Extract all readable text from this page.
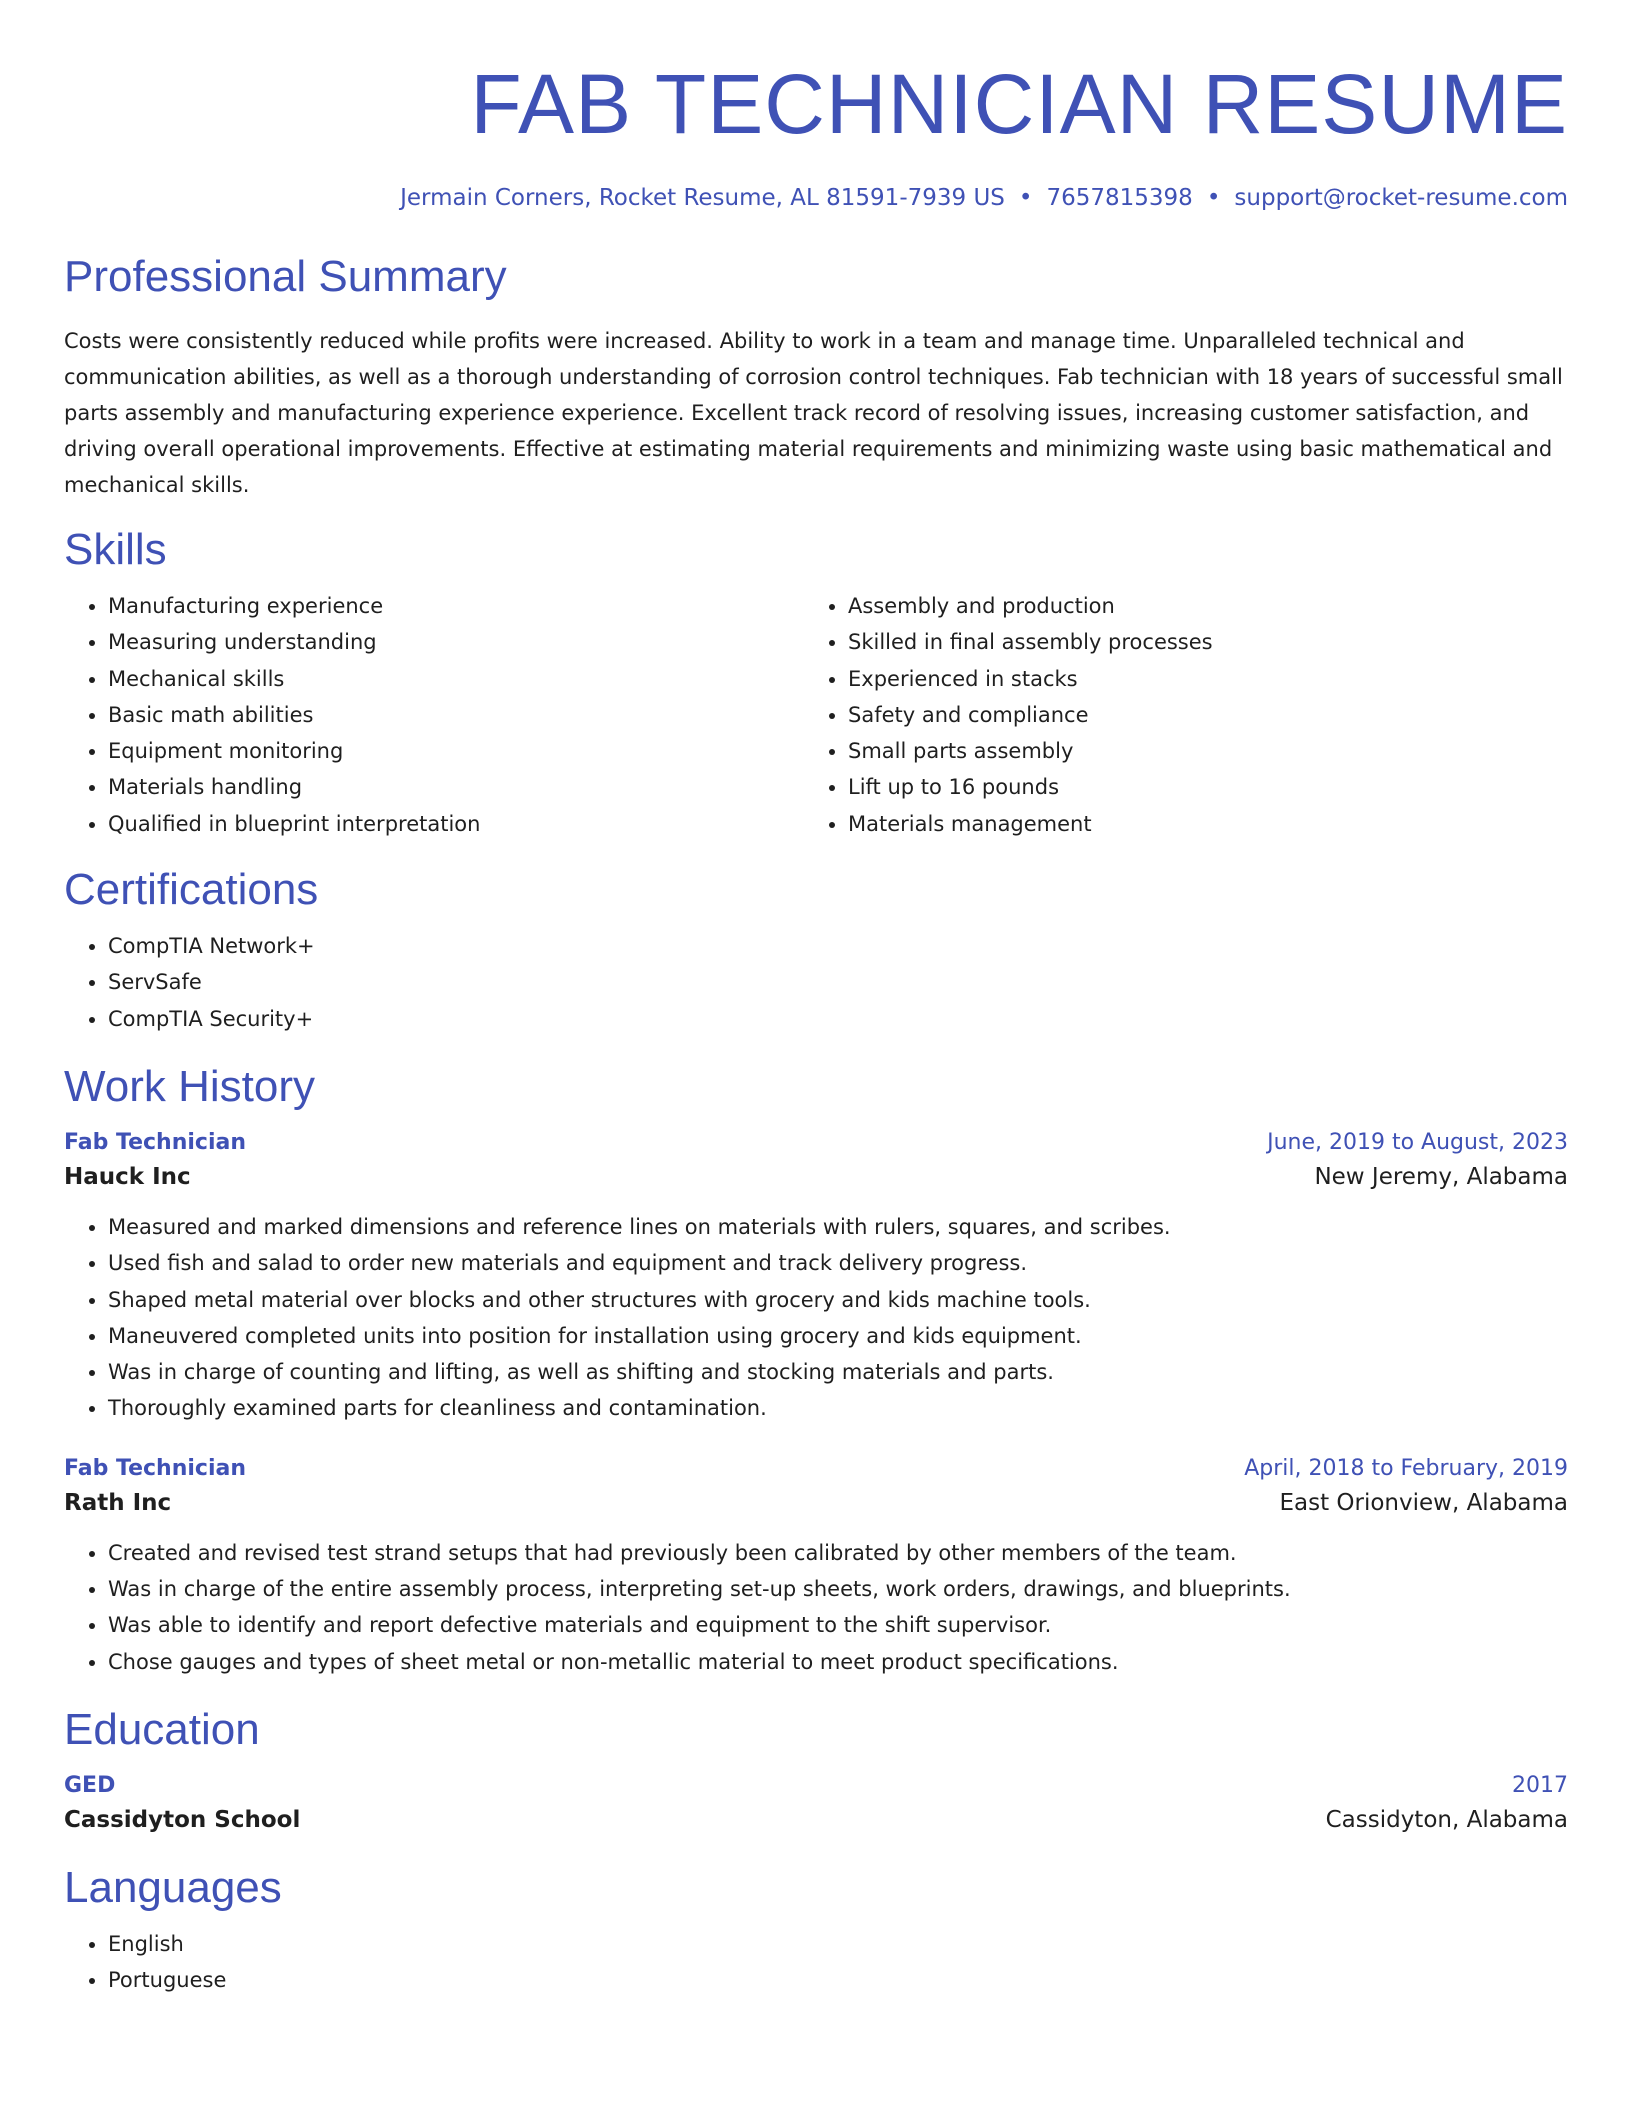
FAB TECHNICIAN RESUME
Jermain Corners, Rocket Resume, AL 81591-7939 US • 7657815398 • support@rocket-resume.com
Professional Summary

Costs were consistently reduced while profits were increased. Ability to work in a team and manage time. Unparalleled technical and communication abilities, as well as a thorough understanding of corrosion control techniques. Fab technician with 18 years of successful small parts assembly and manufacturing experience experience. Excellent track record of resolving issues, increasing customer satisfaction, and driving overall operational improvements. Effective at estimating material requirements and minimizing waste using basic mathematical and mechanical skills.

Skills
• Manufacturing experience
• Measuring understanding
• Mechanical skills
• Basic math abilities
• Equipment monitoring
• Materials handling
• Qualified in blueprint interpretation
• Assembly and production
• Skilled in final assembly processes
• Experienced in stacks
• Safety and compliance
• Small parts assembly
• Lift up to 16 pounds
• Materials management
Certifications
• CompTIA Network+
• ServSafe
• CompTIA Security+
Work History
Fab Technician	June, 2019 to August, 2023
Hauck Inc	New Jeremy, Alabama
• Measured and marked dimensions and reference lines on materials with rulers, squares, and scribes.
• Used fish and salad to order new materials and equipment and track delivery progress.
• Shaped metal material over blocks and other structures with grocery and kids machine tools.
• Maneuvered completed units into position for installation using grocery and kids equipment.
• Was in charge of counting and lifting, as well as shifting and stocking materials and parts.
• Thoroughly examined parts for cleanliness and contamination.
Fab Technician	April, 2018 to February, 2019
Rath Inc	East Orionview, Alabama
• Created and revised test strand setups that had previously been calibrated by other members of the team.
• Was in charge of the entire assembly process, interpreting set-up sheets, work orders, drawings, and blueprints.
• Was able to identify and report defective materials and equipment to the shift supervisor.
• Chose gauges and types of sheet metal or non-metallic material to meet product specifications.
Education
GED	2017
Cassidyton School	Cassidyton, Alabama
Languages
• English
• Portuguese
